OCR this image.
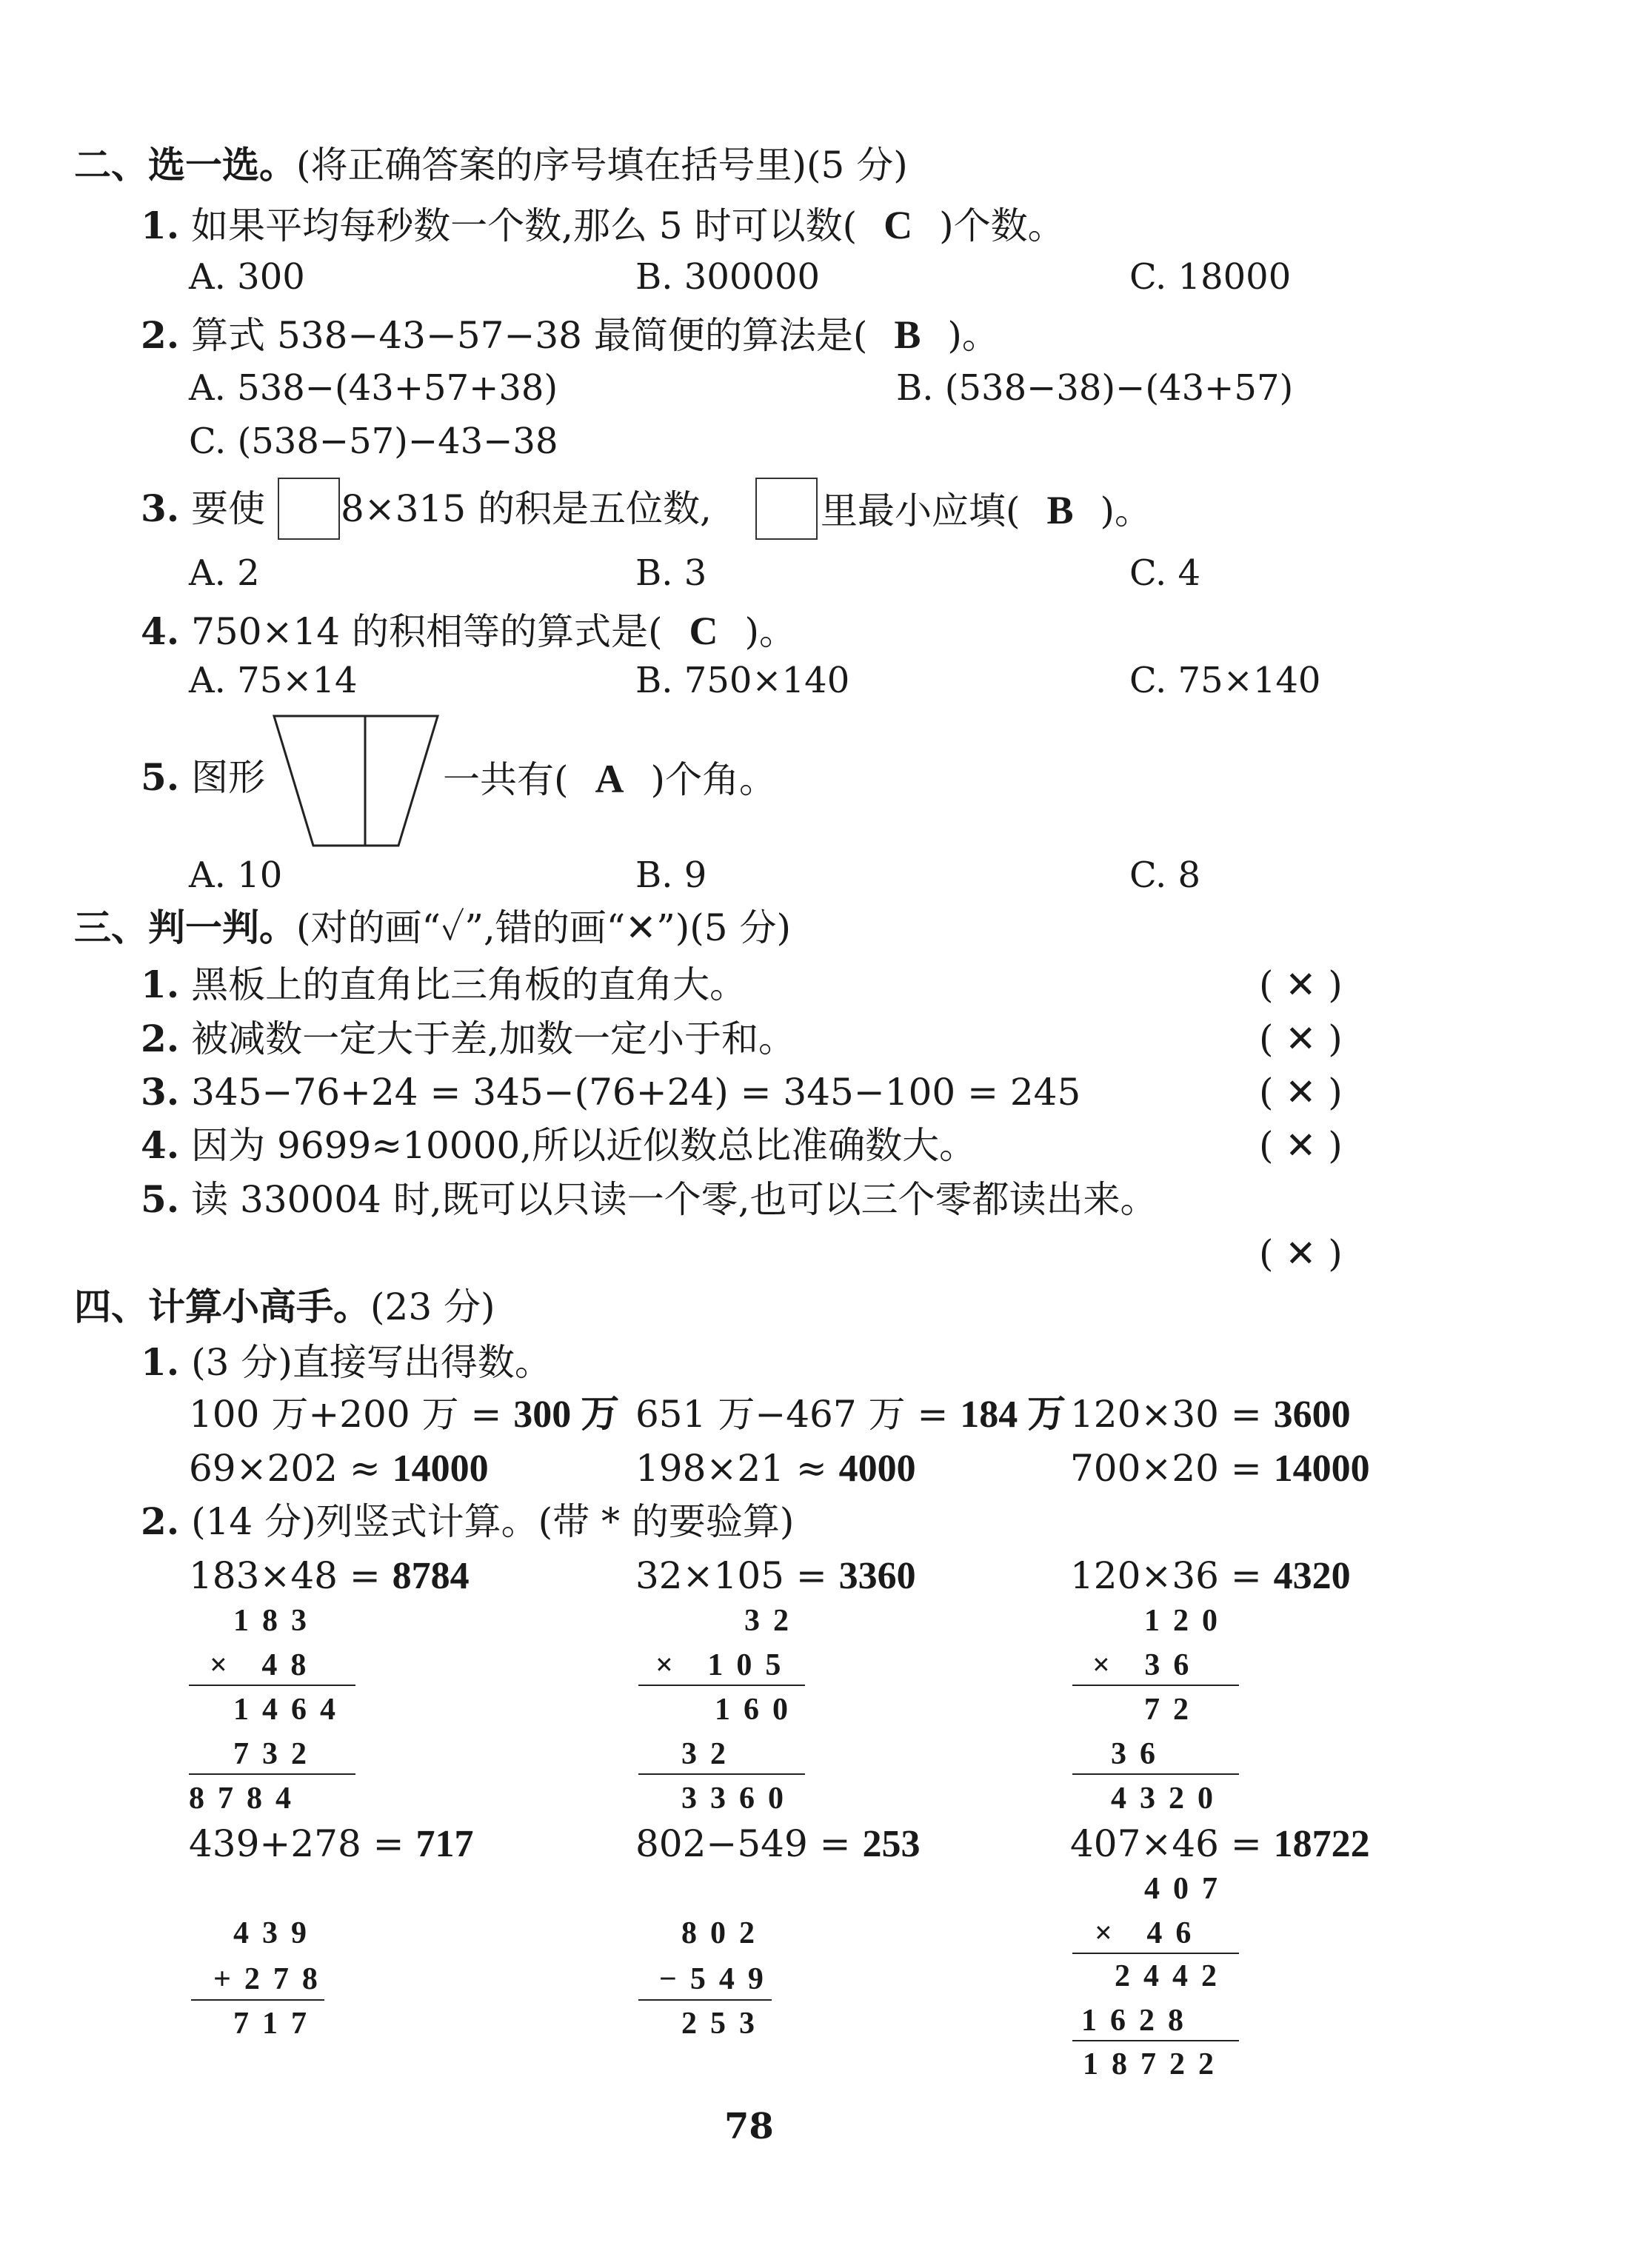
二、选一选。(将正确答案的序号填在括号里)(5 分)
1. 如果平均每秒数一个数,那么 5 时可以数( C )个数。
A. 300	B. 300000	C. 18000
2. 算式 538−43−57−38 最简便的算法是( B )。
A. 538−(43+57+38)	B. (538−38)−(43+57)
C. (538−57)−43−38
3. 要使 8×315 的积是五位数,	里最小应填( B )。
A. 2	B. 3	C. 4
4. 750×14 的积相等的算式是( C )。
A. 75×14	B. 750×140	C. 75×140
5. 图形	一共有( A )个角。
A. 10	B. 9	C. 8
三、判一判。(对的画“✓”,错的画“✕”)(5 分)
1. 黑板上的直角比三角板的直角大。	( ✕ )
2. 被减数一定大于差,加数一定小于和。	( ✕ )
3. 345−76+24 = 345−(76+24) = 345−100 = 245	( ✕ )
4. 因为 9699≈10000,所以近似数总比准确数大。	( ✕ )
5. 读 330004 时,既可以只读一个零,也可以三个零都读出来。
( ✕ )
四、计算小高手。(23 分)
1. (3 分)直接写出得数。
100 万+200 万 = 300 万 651 万−467 万 = 184 万 120×30 = 3600
69×202 ≈ 14000	198×21 ≈ 4000	700×20 = 14000
2. (14 分)列竖式计算。(带 * 的要验算)
183×48 = 8784	32×105 = 3360	120×36 = 4320
183
× 48
1464
732
8784
32
× 105
160
32
3360
120
× 36
72
36
4320
439+278 = 717	802−549 = 253	407×46 = 18722
439
+278
717
802
−549
253
407
× 46
2442
1628
18722
78
